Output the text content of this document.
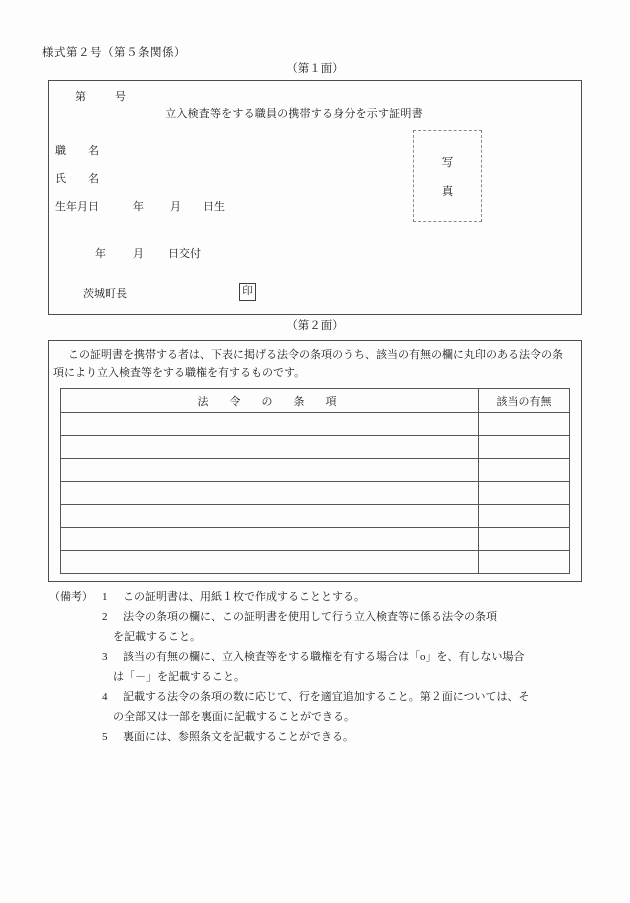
様式第２号（第５条関係）
（第１面）
第	号
立入検査等をする職員の携帯する身分を示す証明書
職　　名
氏　　名
生年月日	年 月 日生
年 月 日交付
茨城町長	印
写
真
（第２面）
この証明書を携帯する者は、下表に掲げる法令の条項のうち、該当の有無の欄に丸印のある法令の条項により立入検査等をする職権を有するものです。
法　令　の　条　項	該当の有無

（備考） 1 この証明書は、用紙１枚で作成することとする。
2 法令の条項の欄に、この証明書を使用して行う立入検査等に係る法令の条項
を記載すること。
3 該当の有無の欄に、立入検査等をする職権を有する場合は「o」を、有しない場合
は「－」を記載すること。
4 記載する法令の条項の数に応じて、行を適宜追加すること。第２面については、そ
の全部又は一部を裏面に記載することができる。
5 裏面には、参照条文を記載することができる。
